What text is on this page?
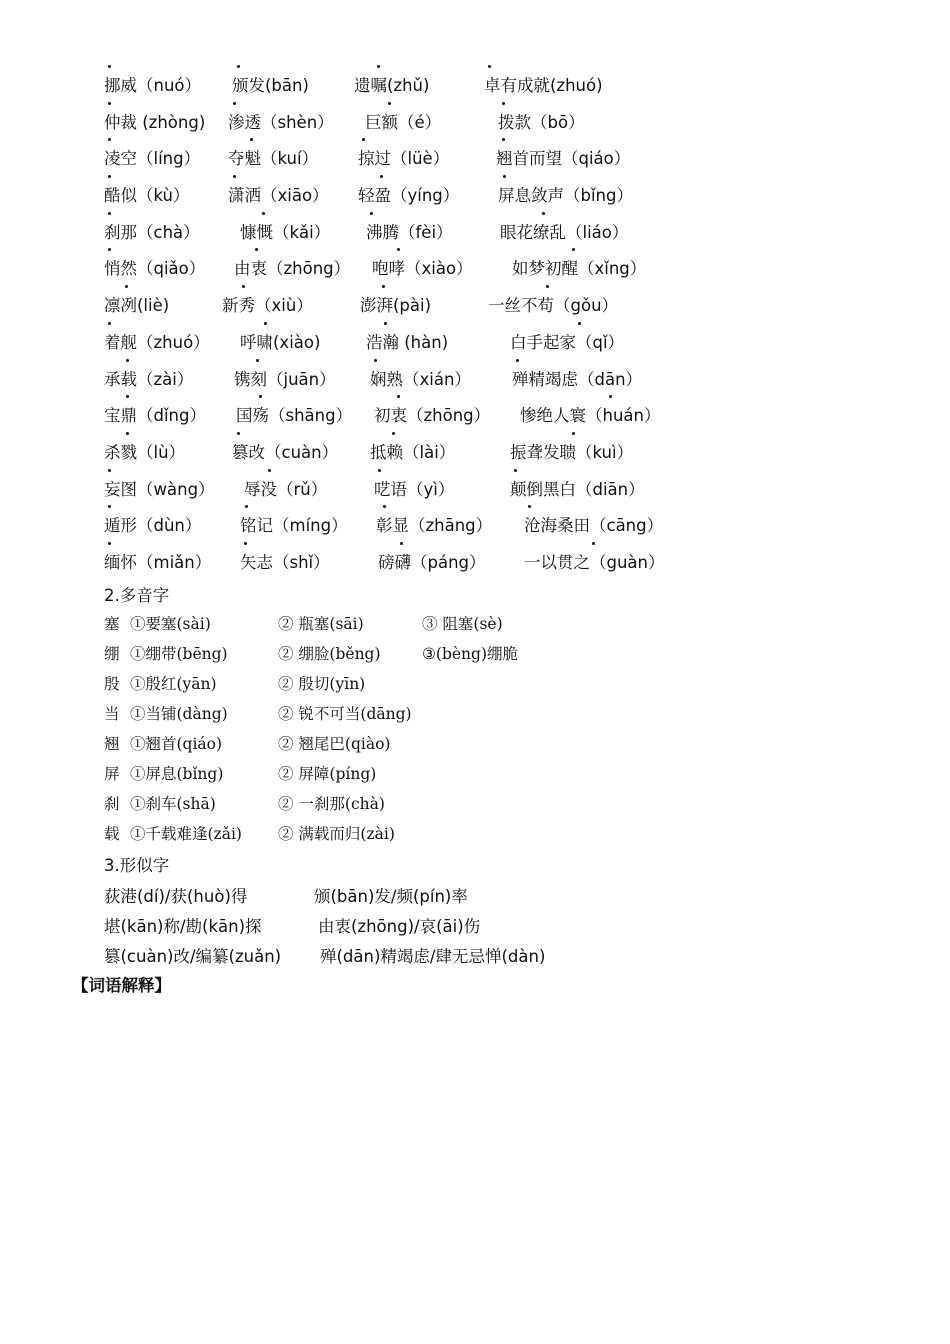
挪威（nuó） 颁发(bān)	遗嘱(zhǔ)	卓有成就(zhuó)
仲裁 (zhòng) 渗透（shèn） 巨额（é）	拨款（bō）
凌空（líng） 夺魁（kuí） 掠过（lüè）	翘首而望（qiáo）
酷似（kù） 潇洒（xiāo） 轻盈（yíng） 屏息敛声（bǐng）
刹那（chà） 慷慨（kǎi） 沸腾（fèi）	眼花缭乱（liáo）
悄然（qiǎo） 由衷（zhōng） 咆哮（xiào） 如梦初醒（xǐng）
凛冽(liè)	新秀（xiù）	澎湃(pài)	一丝不苟（gǒu）
着舰（zhuó） 呼啸(xiào)	浩瀚 (hàn)	白手起家（qǐ）
承载（zài） 镌刻（juān） 娴熟（xián） 殚精竭虑（dān）
宝鼎（dǐng） 国殇（shāng） 初衷（zhōng） 惨绝人寰（huán）
杀戮（lù）	篡改（cuàn） 抵赖（lài）	振聋发聩（kuì）
妄图（wàng） 辱没（rǔ）	呓语（yì）	颠倒黑白（diān）
遁形（dùn） 铭记（míng） 彰显（zhāng） 沧海桑田（cāng）
缅怀（miǎn） 矢志（shǐ）	磅礴（páng） 一以贯之（guàn）
2.多音字
塞 ①要塞(sài)	② 瓶塞(sāi)	③ 阻塞(sè)
绷 ①绷带(bēng)	② 绷脸(běng)	③(bèng)绷脆
殷 ①殷红(yān)	② 殷切(yīn)
当 ①当铺(dàng)	② 锐不可当(dāng)
翘 ①翘首(qiáo)	② 翘尾巴(qiào)
屏 ①屏息(bǐng)	② 屏障(píng)
刹 ①刹车(shā)	② 一刹那(chà)
载 ①千载难逢(zǎi) ② 满载而归(zài)
3.形似字
荻港(dí)/获(huò)得	颁(bān)发/频(pín)率
堪(kān)称/勘(kān)探	由衷(zhōng)/哀(āi)伤
篡(cuàn)改/编纂(zuǎn) 殚(dān)精竭虑/肆无忌惮(dàn)
【词语解释】
